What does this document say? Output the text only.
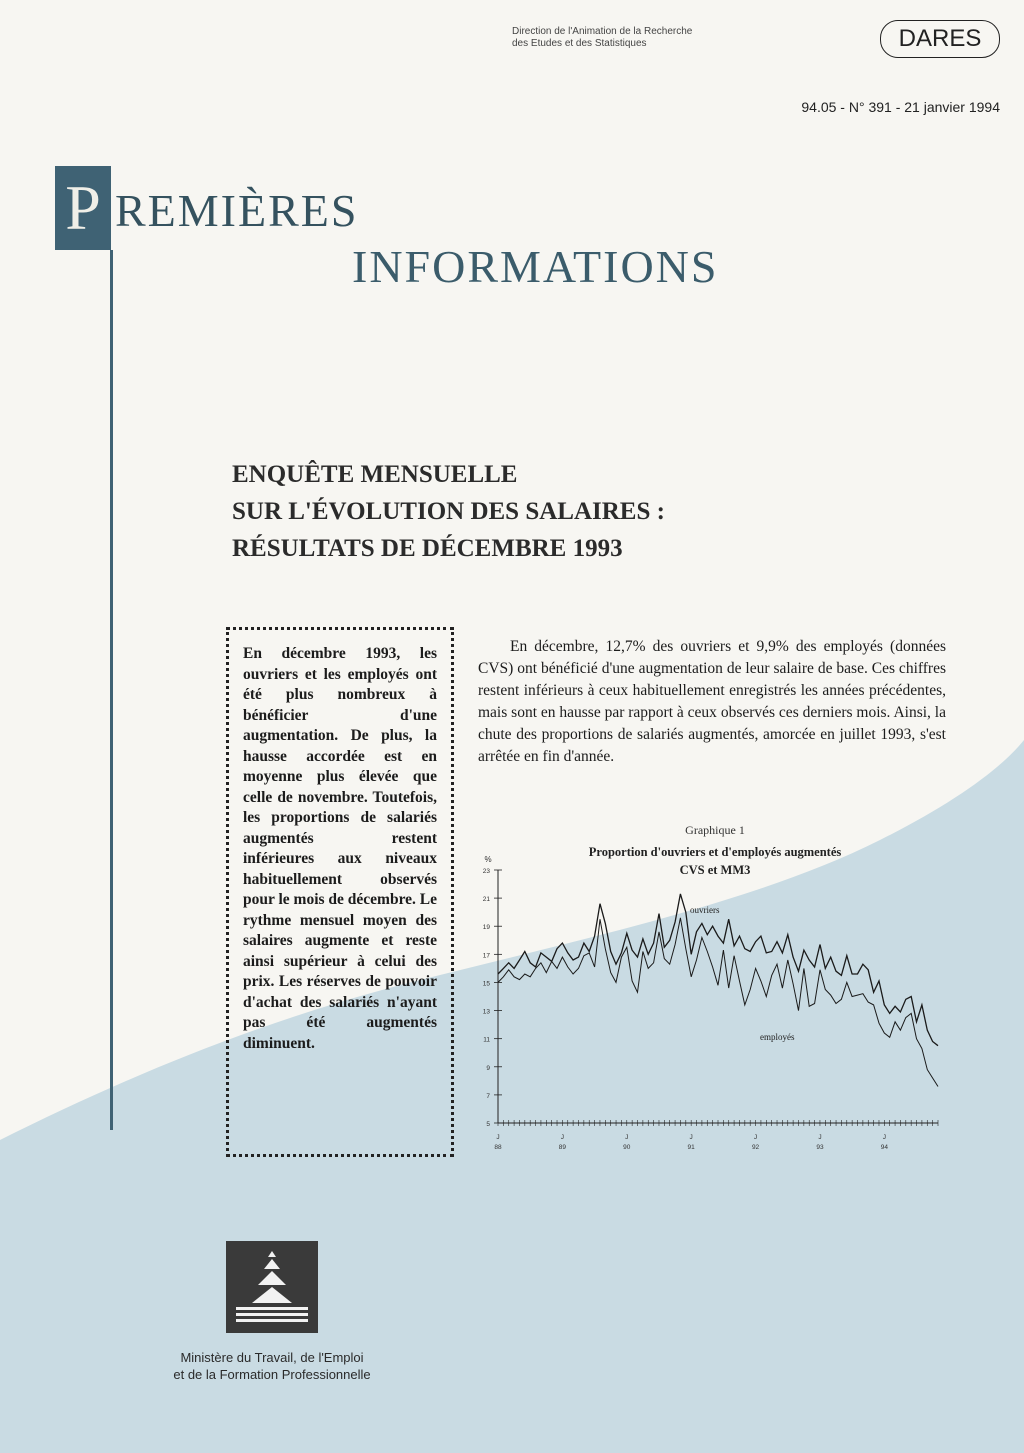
Direction de l'Animation de la Recherche
des Etudes et des Statistiques	DARES
94.05 - N° 391 - 21 janvier 1994
P REMIÈRES
INFORMATIONS
ENQUÊTE MENSUELLE
SUR L'ÉVOLUTION DES SALAIRES :
RÉSULTATS DE DÉCEMBRE 1993

En décembre 1993, les ouvriers et les employés ont été plus nombreux à bénéficier d'une augmentation. De plus, la hausse accordée est en moyenne plus élevée que celle de novembre. Toutefois, les proportions de salariés augmentés restent inférieures aux niveaux habituellement observés pour le mois de décembre. Le rythme mensuel moyen des salaires augmente et reste ainsi supérieur à celui des prix. Les réserves de pouvoir d'achat des salariés n'ayant pas été augmentés diminuent.

En décembre, 12,7% des ouvriers et 9,9% des employés (données CVS) ont bénéficié d'une augmentation de leur salaire de base. Ces chiffres restent inférieurs à ceux habituellement enregistrés les années précédentes, mais sont en hausse par rapport à ceux observés ces derniers mois. Ainsi, la chute des proportions de salariés augmentés, amorcée en juillet 1993, s'est arrêtée en fin d'année.
Graphique 1
Proportion d'ouvriers et d'employés augmentés
CVS et MM3
%
5
7
9
11
13
15
17
19
21
23
J
88
J
89
J
90
J
91
J
92
J
93
J
94
ouvriers
employés
Ministère du Travail, de l'Emploi
et de la Formation Professionnelle
